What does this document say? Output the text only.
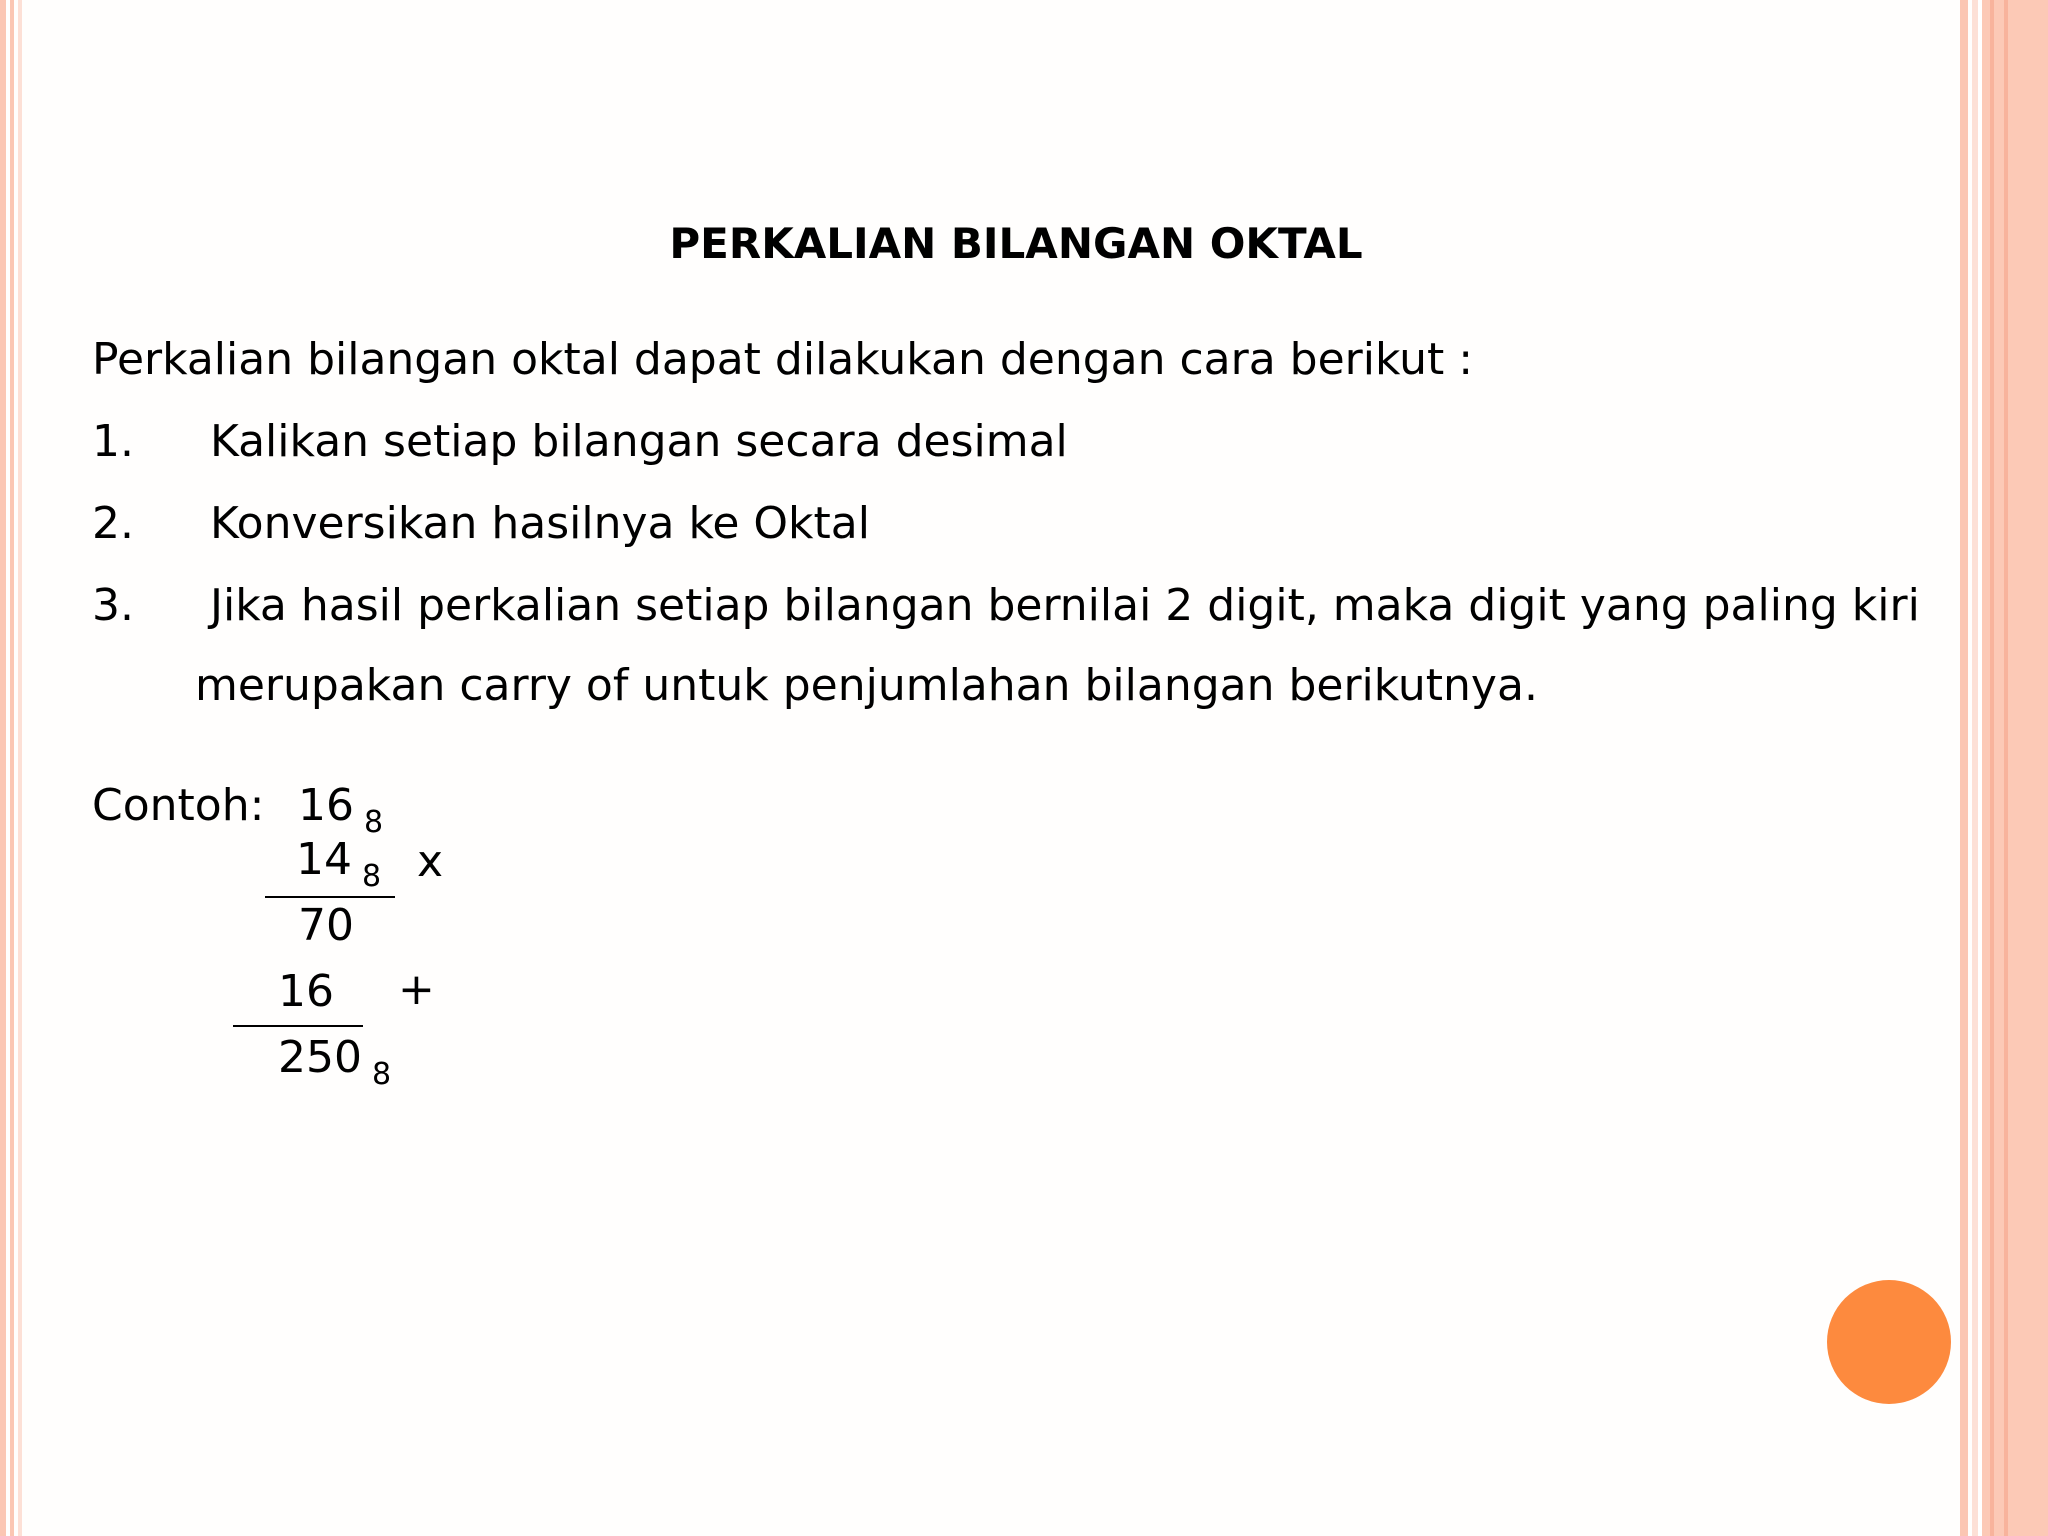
PERKALIAN BILANGAN OKTAL
Perkalian bilangan oktal dapat dilakukan dengan cara berikut :
1. Kalikan setiap bilangan secara desimal
2. Konversikan hasilnya ke Oktal
3. Jika hasil perkalian setiap bilangan bernilai 2 digit, maka digit yang paling kiri
merupakan carry of untuk penjumlahan bilangan berikutnya.
Contoh: 16 $_8$
14 $_8$ x
70
16 +
250 $_8$
